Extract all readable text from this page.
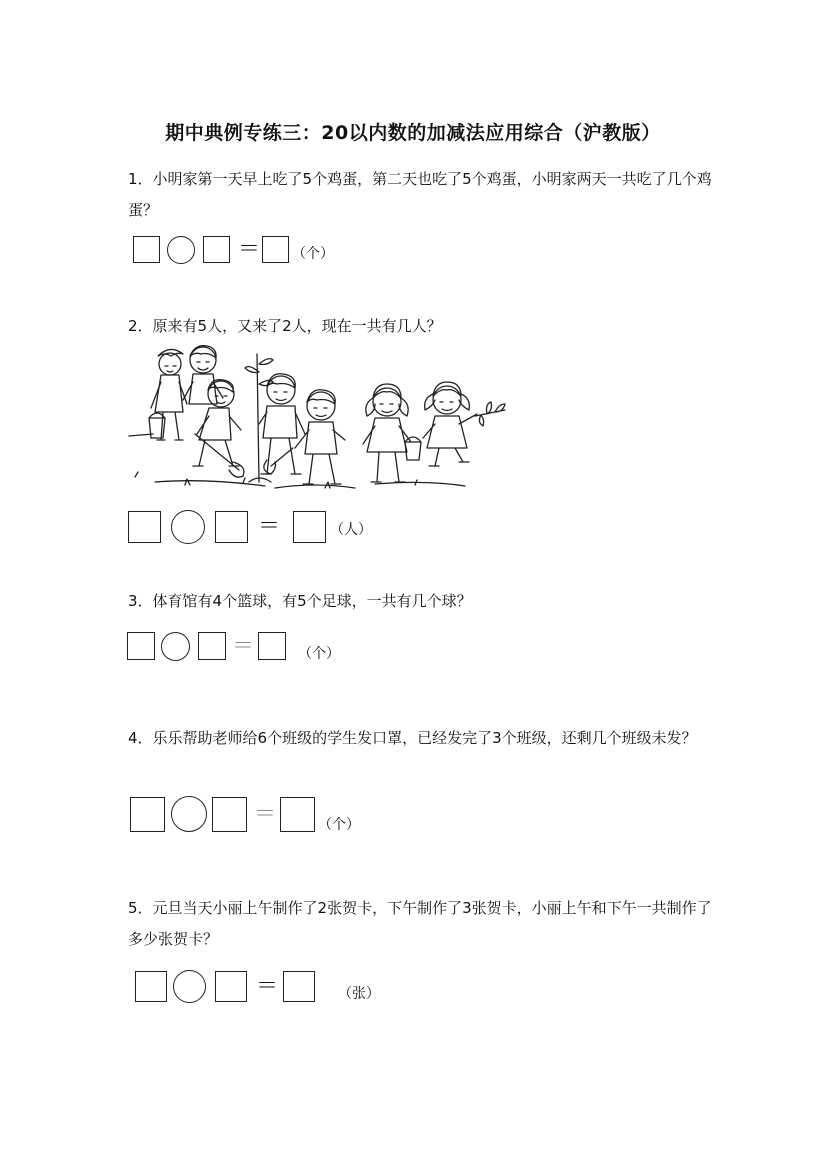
期中典例专练三：20以内数的加减法应用综合（沪教版）
1．小明家第一天早上吃了5个鸡蛋，第二天也吃了5个鸡蛋，小明家两天一共吃了几个鸡蛋？
＝ （个）
2．原来有5人，又来了2人，现在一共有几人？
＝	（人）
3．体育馆有4个篮球，有5个足球，一共有几个球？
＝	（个）
4．乐乐帮助老师给6个班级的学生发口罩，已经发完了3个班级，还剩几个班级未发？
＝	（个）
5．元旦当天小丽上午制作了2张贺卡，下午制作了3张贺卡，小丽上午和下午一共制作了多少张贺卡？
＝	（张）
